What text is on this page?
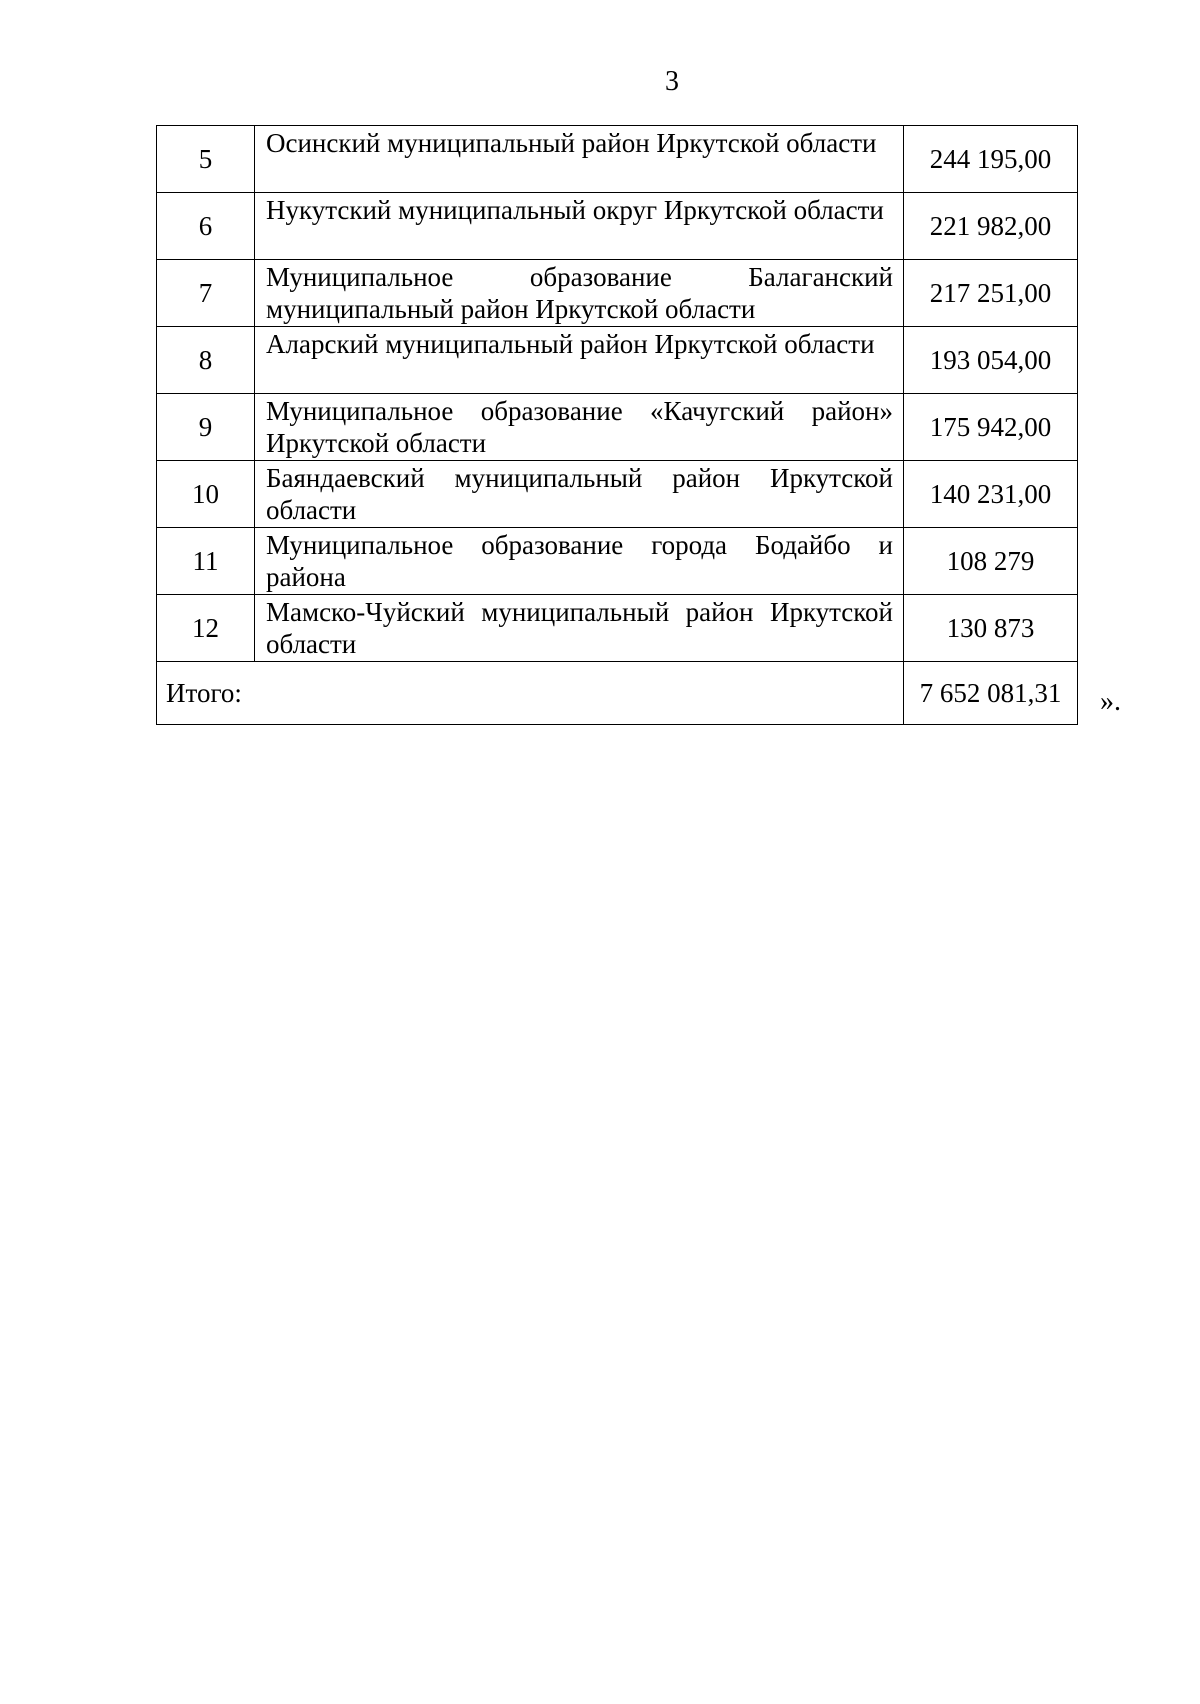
3
5	Осинский муниципальный район Иркутской области	244 195,00
6	Нукутский муниципальный округ Иркутской области	221 982,00
7	Муниципальное образование Балаганский муниципальный район Иркутской области	217 251,00
8	Аларский муниципальный район Иркутской области	193 054,00
9	Муниципальное образование «Качугский район» Иркутской области	175 942,00
10	Баяндаевский муниципальный район Иркутской области	140 231,00
11	Муниципальное образование города Бодайбо и района	108 279
12	Мамско-Чуйский муниципальный район Иркутской области	130 873
Итого:		7 652 081,31 ».
